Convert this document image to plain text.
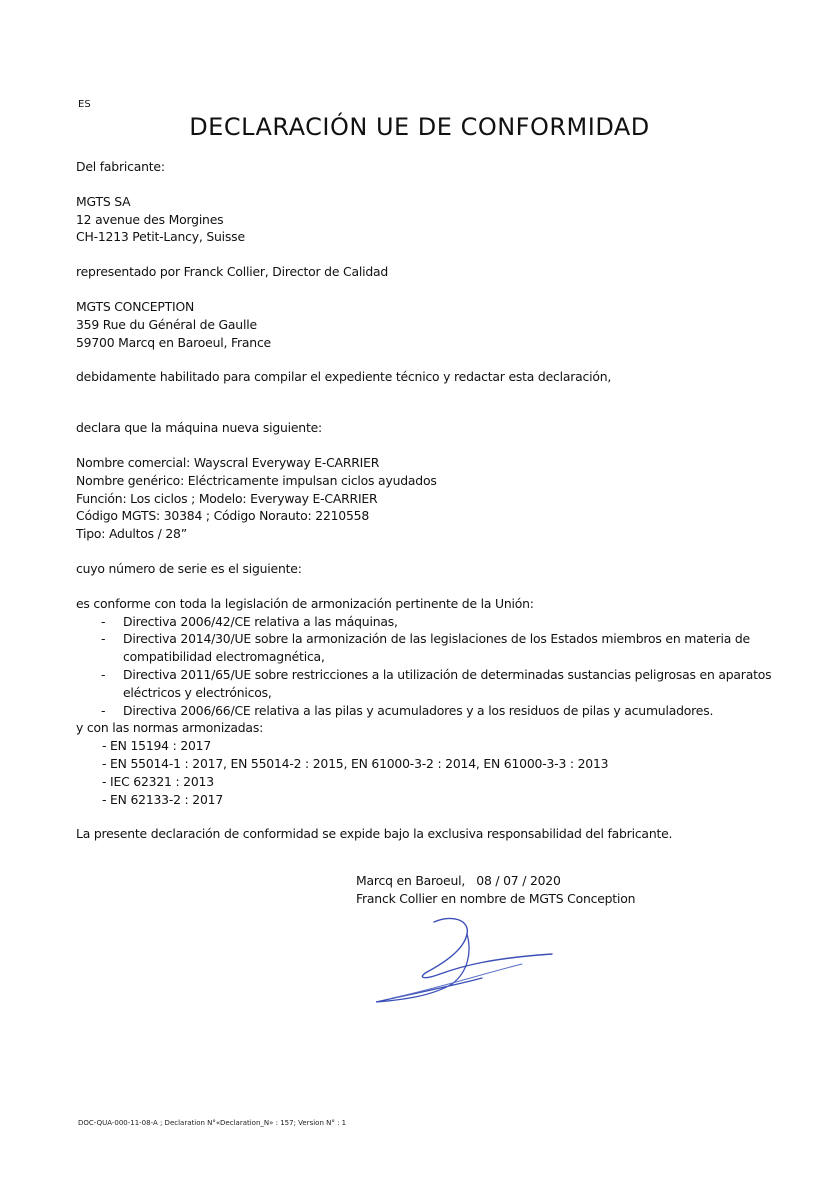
ES
DECLARACIÓN UE DE CONFORMIDAD
Del fabricante:
MGTS SA
12 avenue des Morgines
CH-1213 Petit-Lancy, Suisse
representado por Franck Collier, Director de Calidad
MGTS CONCEPTION
359 Rue du Général de Gaulle
59700 Marcq en Baroeul, France
debidamente habilitado para compilar el expediente técnico y redactar esta declaración,
declara que la máquina nueva siguiente:
Nombre comercial: Wayscral Everyway E-CARRIER
Nombre genérico: Eléctricamente impulsan ciclos ayudados
Función: Los ciclos ; Modelo: Everyway E-CARRIER
Código MGTS: 30384 ; Código Norauto: 2210558
Tipo: Adultos / 28”
cuyo número de serie es el siguiente:
es conforme con toda la legislación de armonización pertinente de la Unión:
- Directiva 2006/42/CE relativa a las máquinas,
- Directiva 2014/30/UE sobre la armonización de las legislaciones de los Estados miembros en materia de compatibilidad electromagnética,
- Directiva 2011/65/UE sobre restricciones a la utilización de determinadas sustancias peligrosas en aparatos eléctricos y electrónicos,
- Directiva 2006/66/CE relativa a las pilas y acumuladores y a los residuos de pilas y acumuladores.
y con las normas armonizadas:
- EN 15194 : 2017
- EN 55014-1 : 2017, EN 55014-2 : 2015, EN 61000-3-2 : 2014, EN 61000-3-3 : 2013
- IEC 62321 : 2013
- EN 62133-2 : 2017
La presente declaración de conformidad se expide bajo la exclusiva responsabilidad del fabricante.
Marcq en Baroeul,   08 / 07 / 2020
Franck Collier en nombre de MGTS Conception
DOC-QUA-000-11-08-A ; Declaration N°«Declaration_N» : 157; Version N° : 1
